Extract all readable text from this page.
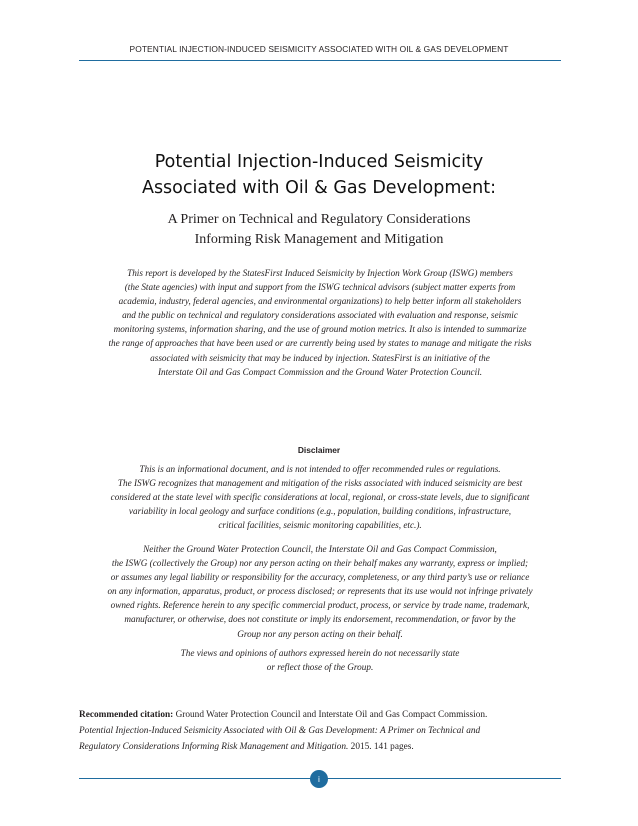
POTENTIAL INJECTION-INDUCED SEISMICITY ASSOCIATED WITH OIL & GAS DEVELOPMENT
Potential Injection-Induced Seismicity
Associated with Oil & Gas Development:
A Primer on Technical and Regulatory Considerations
Informing Risk Management and Mitigation
This report is developed by the StatesFirst Induced Seismicity by Injection Work Group (ISWG) members
(the State agencies) with input and support from the ISWG technical advisors (subject matter experts from
academia, industry, federal agencies, and environmental organizations) to help better inform all stakeholders
and the public on technical and regulatory considerations associated with evaluation and response, seismic
monitoring systems, information sharing, and the use of ground motion metrics. It also is intended to summarize
the range of approaches that have been used or are currently being used by states to manage and mitigate the risks
associated with seismicity that may be induced by injection. StatesFirst is an initiative of the
Interstate Oil and Gas Compact Commission and the Ground Water Protection Council.
Disclaimer
This is an informational document, and is not intended to offer recommended rules or regulations.
The ISWG recognizes that management and mitigation of the risks associated with induced seismicity are best
considered at the state level with specific considerations at local, regional, or cross-state levels, due to significant
variability in local geology and surface conditions (e.g., population, building conditions, infrastructure,
critical facilities, seismic monitoring capabilities, etc.).
Neither the Ground Water Protection Council, the Interstate Oil and Gas Compact Commission,
the ISWG (collectively the Group) nor any person acting on their behalf makes any warranty, express or implied;
or assumes any legal liability or responsibility for the accuracy, completeness, or any third party’s use or reliance
on any information, apparatus, product, or process disclosed; or represents that its use would not infringe privately
owned rights. Reference herein to any specific commercial product, process, or service by trade name, trademark,
manufacturer, or otherwise, does not constitute or imply its endorsement, recommendation, or favor by the
Group nor any person acting on their behalf.
The views and opinions of authors expressed herein do not necessarily state
or reflect those of the Group.
Recommended citation: Ground Water Protection Council and Interstate Oil and Gas Compact Commission.
Potential Injection-Induced Seismicity Associated with Oil & Gas Development: A Primer on Technical and
Regulatory Considerations Informing Risk Management and Mitigation. 2015. 141 pages.
i
